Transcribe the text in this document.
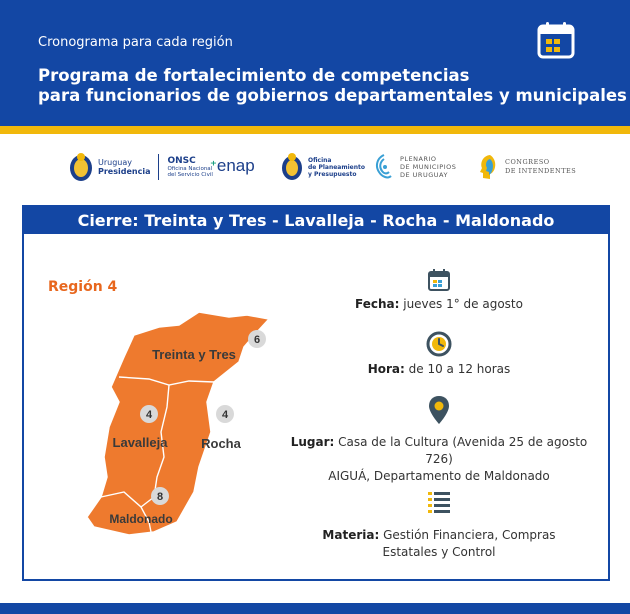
Cronograma para cada región
Programa de fortalecimiento de competencias
para funcionarios de gobiernos departamentales y municipales
Uruguay
Presidencia
ONSC
Oficina Nacional
del Servicio Civil
⁺ enap	Oficina
de Planeamiento
y Presupuesto
PLENARIO
DE MUNICIPIOS
DE URUGUAY
CONGRESO
DE INTENDENTES
Cierre: Treinta y Tres - Lavalleja - Rocha - Maldonado
Región 4
6
4	4
8
Treinta y Tres
Lavalleja	Rocha
Maldonado
Fecha: jueves 1° de agosto
Hora: de 10 a 12 horas
Lugar: Casa de la Cultura (Avenida 25 de agosto 726)
AIGUÁ, Departamento de Maldonado
Materia: Gestión Financiera, Compras
Estatales y Control
